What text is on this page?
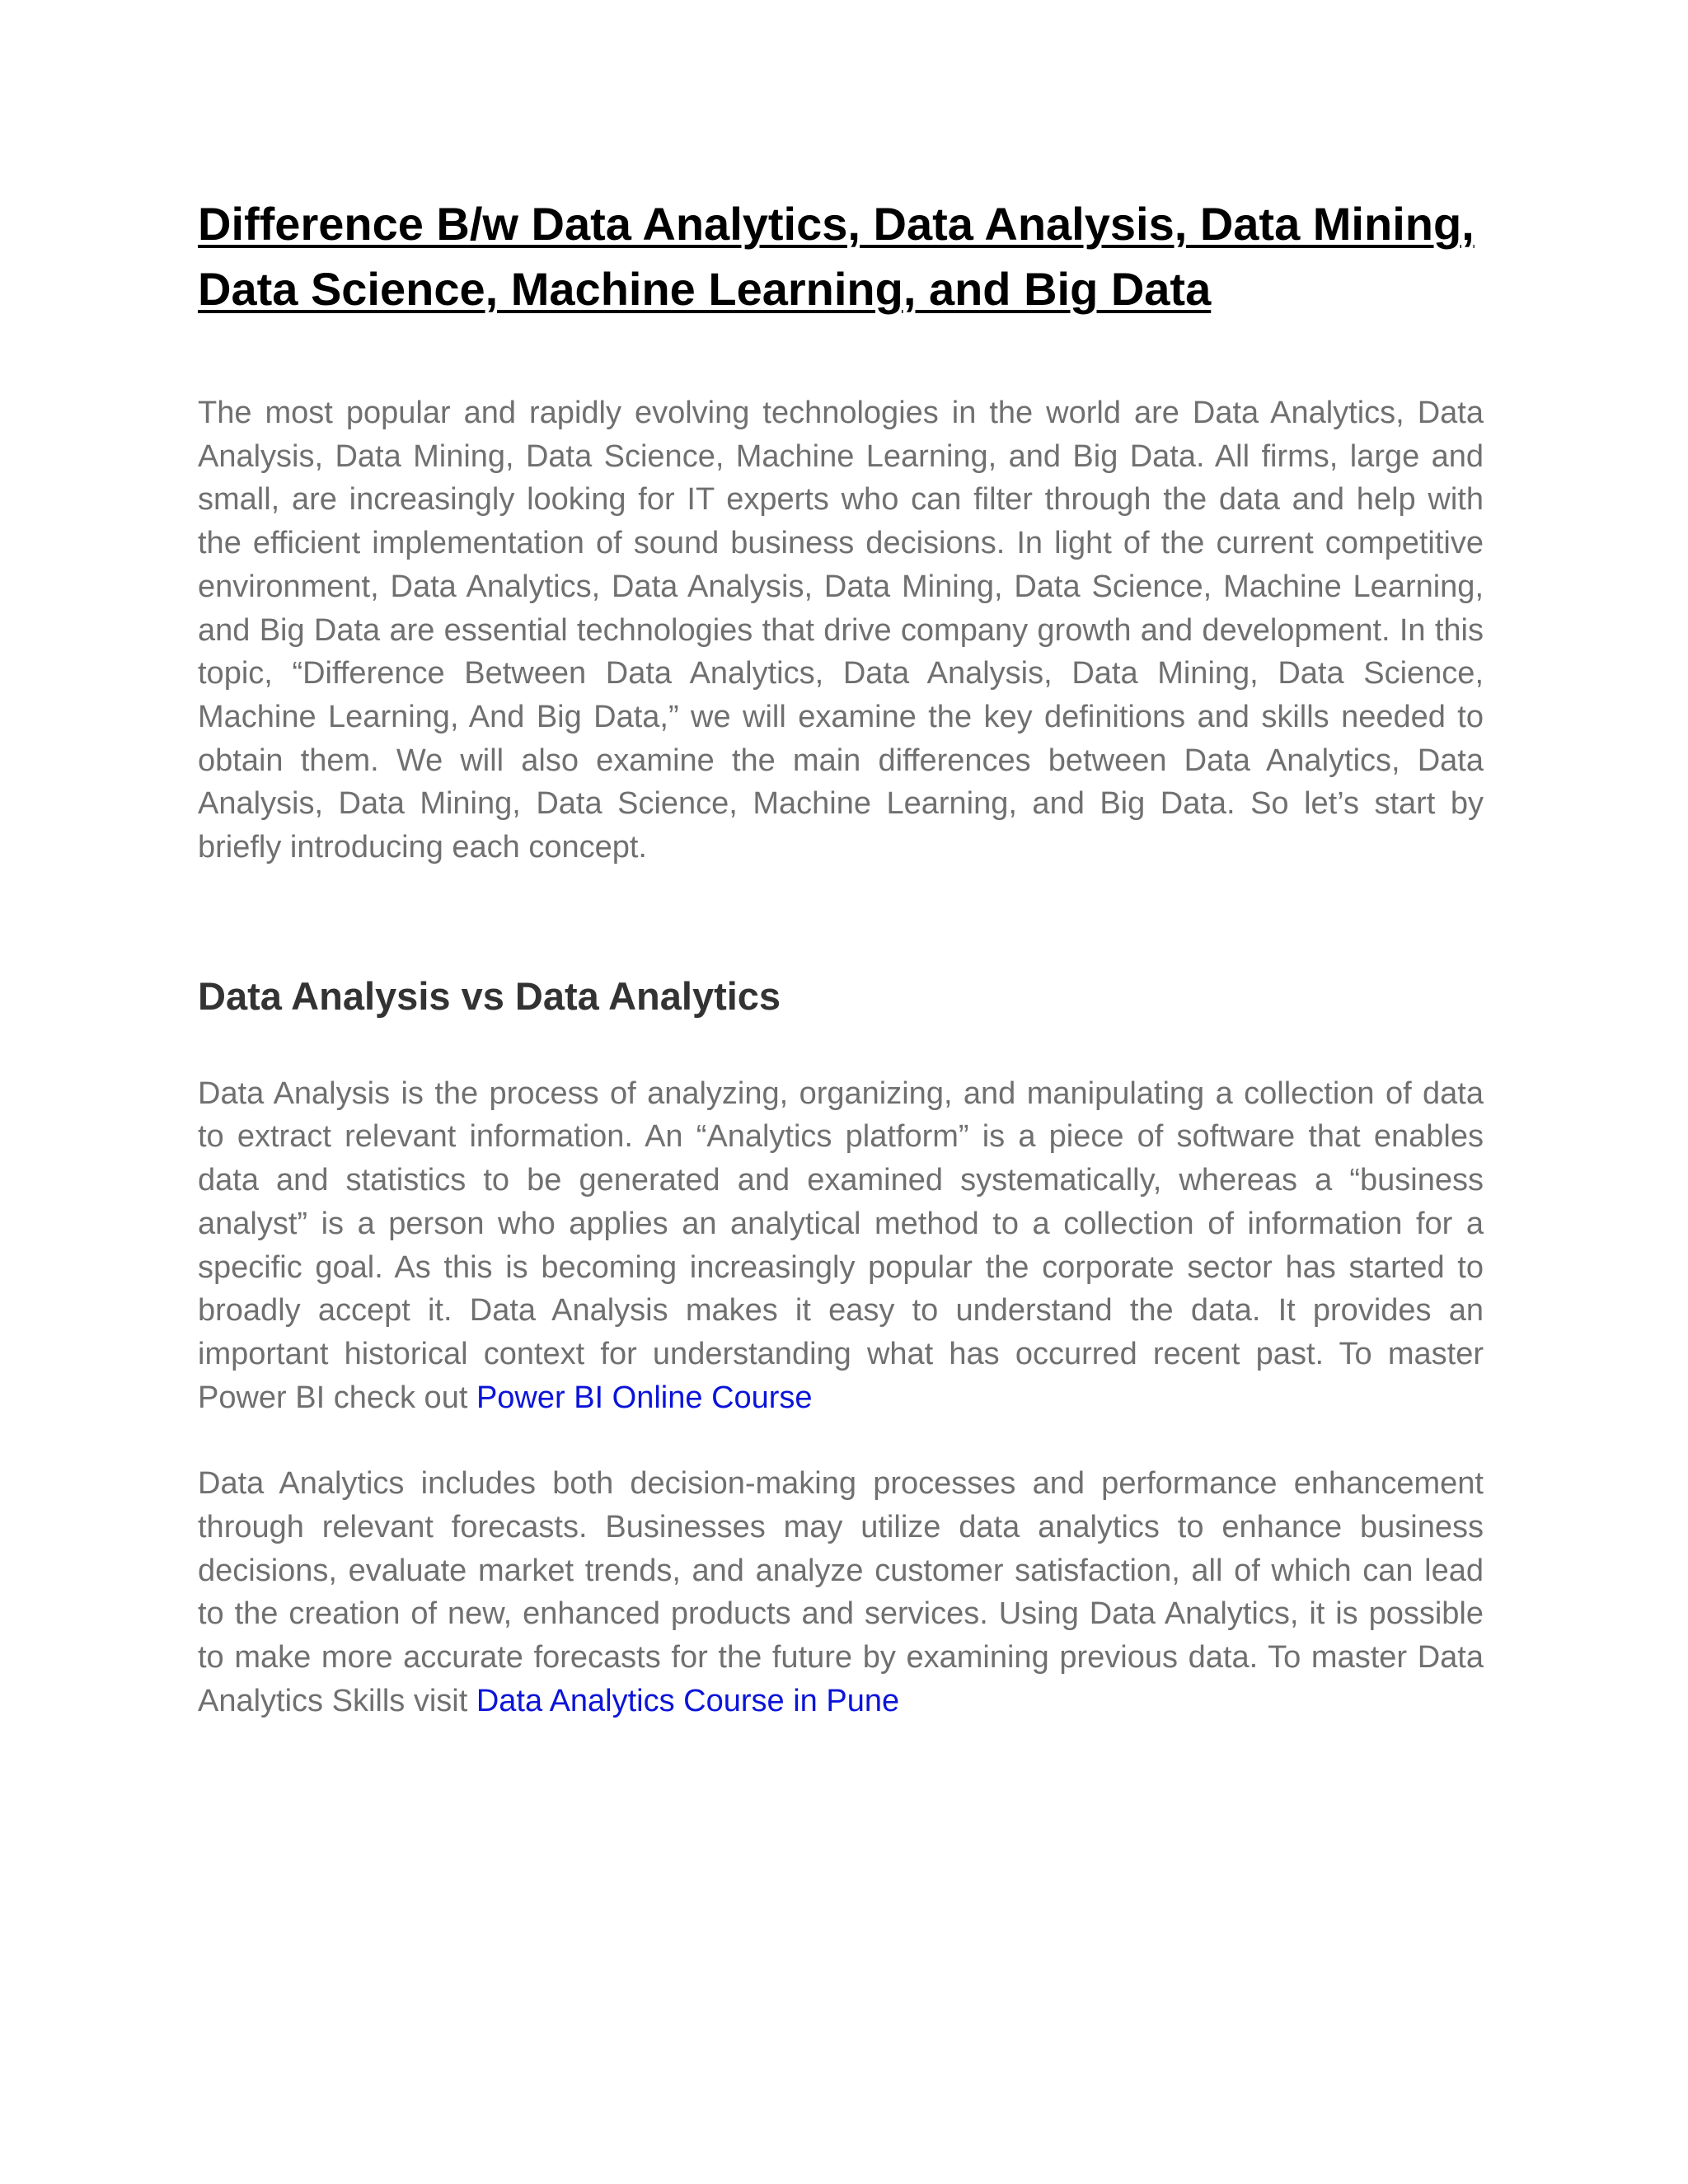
Difference B/w Data Analytics, Data Analysis, Data Mining, Data Science, Machine Learning, and Big Data

The most popular and rapidly evolving technologies in the world are Data Analytics, Data Analysis, Data Mining, Data Science, Machine Learning, and Big Data. All firms, large and small, are increasingly looking for IT experts who can filter through the data and help with the efficient implementation of sound business decisions. In light of the current competitive environment, Data Analytics, Data Analysis, Data Mining, Data Science, Machine Learning, and Big Data are essential technologies that drive company growth and development. In this topic, “Difference Between Data Analytics, Data Analysis, Data Mining, Data Science, Machine Learning, And Big Data,” we will examine the key definitions and skills needed to obtain them. We will also examine the main differences between Data Analytics, Data Analysis, Data Mining, Data Science, Machine Learning, and Big Data. So let’s start by briefly introducing each concept.

Data Analysis vs Data Analytics

Data Analysis is the process of analyzing, organizing, and manipulating a collection of data to extract relevant information. An “Analytics platform” is a piece of software that enables data and statistics to be generated and examined systematically, whereas a “business analyst” is a person who applies an analytical method to a collection of information for a specific goal. As this is becoming increasingly popular the corporate sector has started to broadly accept it. Data Analysis makes it easy to understand the data. It provides an important historical context for understanding what has occurred recent past. To master Power BI check out Power BI Online Course

Data Analytics includes both decision-making processes and performance enhancement through relevant forecasts. Businesses may utilize data analytics to enhance business decisions, evaluate market trends, and analyze customer satisfaction, all of which can lead to the creation of new, enhanced products and services. Using Data Analytics, it is possible to make more accurate forecasts for the future by examining previous data. To master Data Analytics Skills visit Data Analytics Course in Pune
